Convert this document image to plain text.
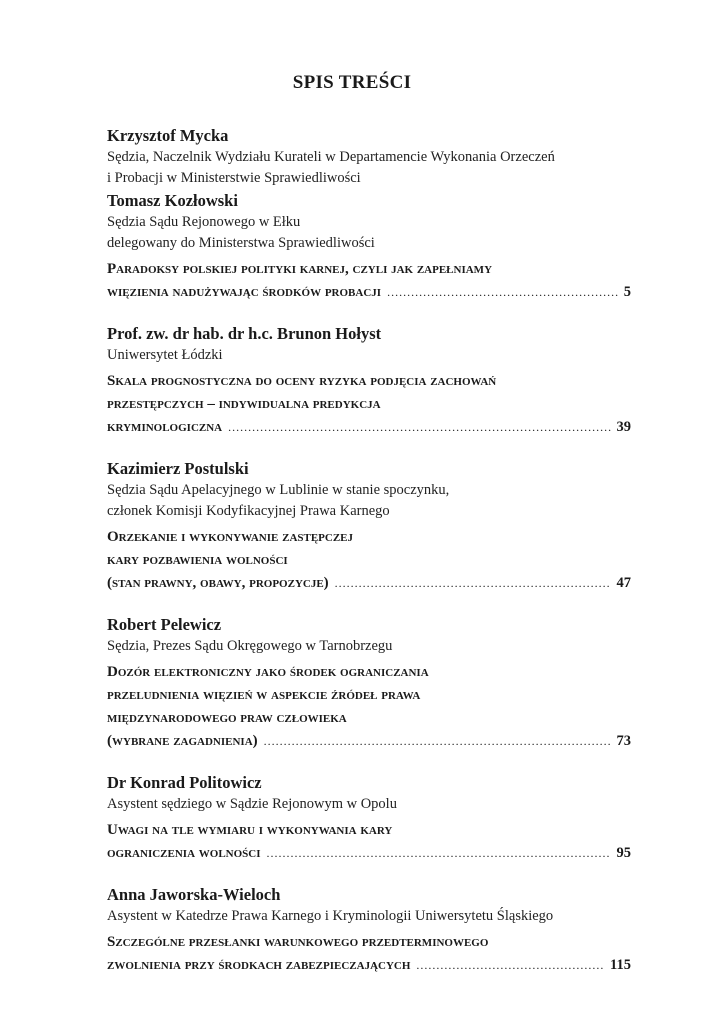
SPIS TREŚCI
Krzysztof Mycka
Sędzia, Naczelnik Wydziału Kurateli w Departamencie Wykonania Orzeczeń
i Probacji w Ministerstwie Sprawiedliwości
Tomasz Kozłowski
Sędzia Sądu Rejonowego w Ełku
delegowany do Ministerstwa Sprawiedliwości
Paradoksy polskiej polityki karnej, czyli jak zapełniamy
więzienia nadużywając środków probacji .....	5
Prof. zw. dr hab. dr h.c. Brunon Hołyst
Uniwersytet Łódzki
Skala prognostyczna do oceny ryzyka podjęcia zachowań
przestępczych – indywidualna predykcja
kryminologiczna .....	39
Kazimierz Postulski
Sędzia Sądu Apelacyjnego w Lublinie w stanie spoczynku,
członek Komisji Kodyfikacyjnej Prawa Karnego
Orzekanie i wykonywanie zastępczej
kary pozbawienia wolności
(stan prawny, obawy, propozycje) .....	47
Robert Pelewicz
Sędzia, Prezes Sądu Okręgowego w Tarnobrzegu
Dozór elektroniczny jako środek ograniczania
przeludnienia więzień w aspekcie źródeł prawa
międzynarodowego praw człowieka
(wybrane zagadnienia) .....	73
Dr Konrad Politowicz
Asystent sędziego w Sądzie Rejonowym w Opolu
Uwagi na tle wymiaru i wykonywania kary
ograniczenia wolności .....	95
Anna Jaworska-Wieloch
Asystent w Katedrze Prawa Karnego i Kryminologii Uniwersytetu Śląskiego
Szczególne przesłanki warunkowego przedterminowego
zwolnienia przy środkach zabezpieczających .....	115
